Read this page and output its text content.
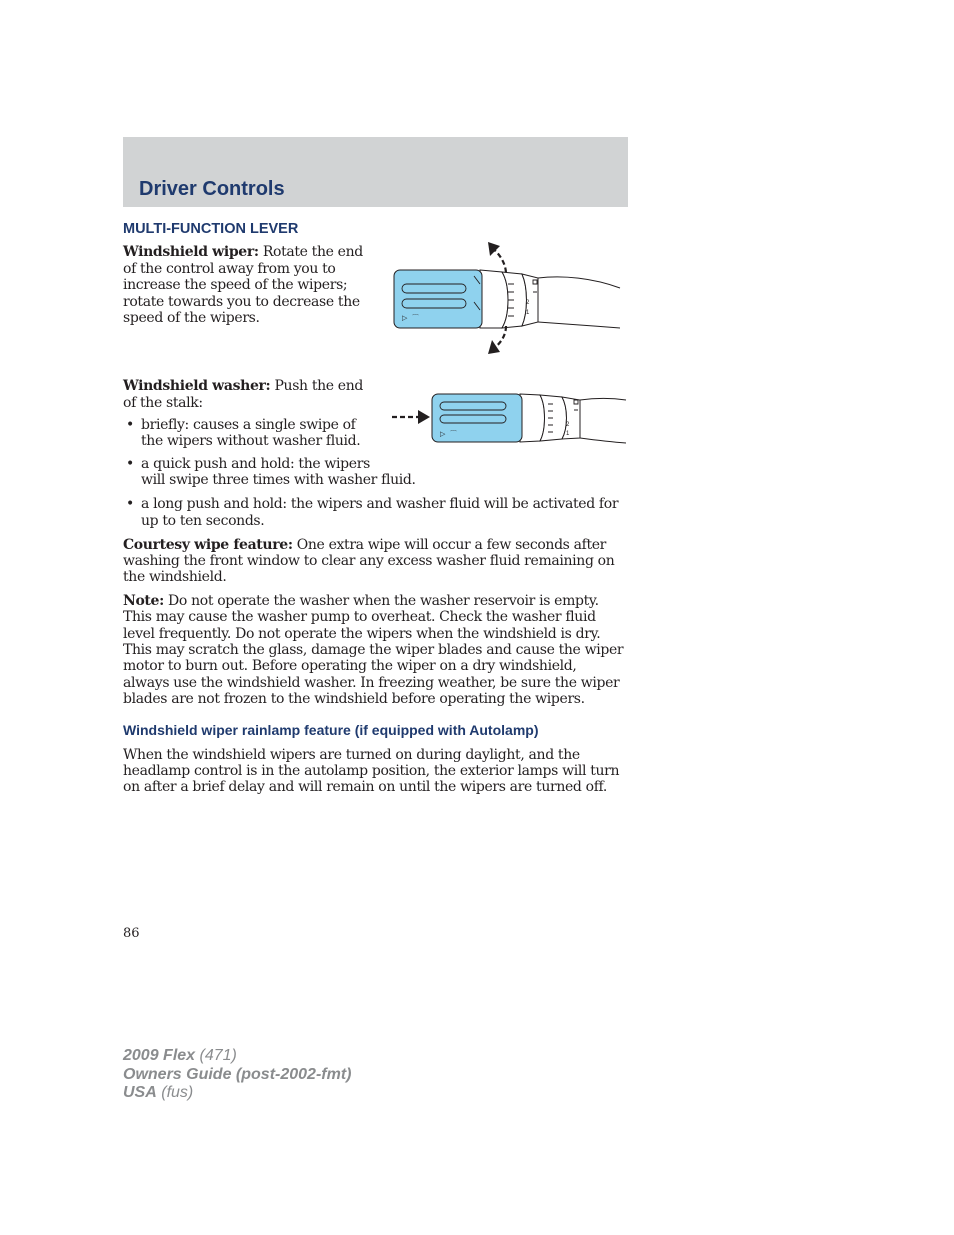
Driver Controls
MULTI-FUNCTION LEVER

Windshield wiper: Rotate the end

of the control away from you to

increase the speed of the wipers;

rotate towards you to decrease the

speed of the wipers.	▷ ⌒
2
1

Windshield washer: Push the end

of the stalk:

• briefly: causes a single swipe of

the wipers without washer fluid.

• a quick push and hold: the wipers

will swipe three times with washer fluid.

• a long push and hold: the wipers and washer fluid will be activated for

up to ten seconds.

▷ ⌒
2
1

Courtesy wipe feature: One extra wipe will occur a few seconds after

washing the front window to clear any excess washer fluid remaining on

the windshield.

Note: Do not operate the washer when the washer reservoir is empty.

This may cause the washer pump to overheat. Check the washer fluid

level frequently. Do not operate the wipers when the windshield is dry.

This may scratch the glass, damage the wiper blades and cause the wiper

motor to burn out. Before operating the wiper on a dry windshield,

always use the windshield washer. In freezing weather, be sure the wiper

blades are not frozen to the windshield before operating the wipers.

Windshield wiper rainlamp feature (if equipped with Autolamp)

When the windshield wipers are turned on during daylight, and the

headlamp control is in the autolamp position, the exterior lamps will turn

on after a brief delay and will remain on until the wipers are turned off.

86
2009 Flex (471)
Owners Guide (post-2002-fmt)
USA (fus)
